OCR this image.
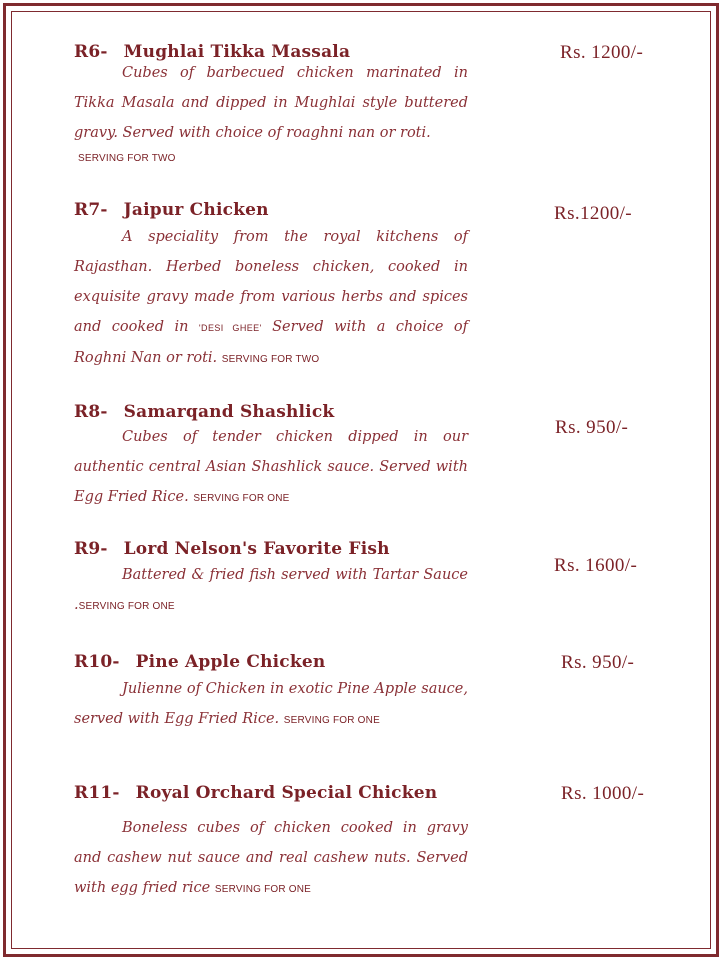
R6- Mughlai Tikka Massala	Rs. 1200/-
Cubes of barbecued chicken marinated in Tikka Masala and dipped in Mughlai style buttered gravy. Served with choice of roaghni nan or roti.
SERVING FOR TWO
R7- Jaipur Chicken	Rs.1200/-
A speciality from the royal kitchens of Rajasthan. Herbed boneless chicken, cooked in exquisite gravy made from various herbs and spices and cooked in 'DESI GHEE' Served with a choice of Roghni Nan or roti. SERVING FOR TWO
R8- Samarqand Shashlick
Rs. 950/-
Cubes of tender chicken dipped in our authentic central Asian Shashlick sauce. Served with Egg Fried Rice. SERVING FOR ONE
R9- Lord Nelson's Favorite Fish
Rs. 1600/-
Battered & fried fish served with Tartar Sauce .SERVING FOR ONE
R10- Pine Apple Chicken	Rs. 950/-
Julienne of Chicken in exotic Pine Apple sauce, served with Egg Fried Rice. SERVING FOR ONE
R11- Royal Orchard Special Chicken	Rs. 1000/-
Boneless cubes of chicken cooked in gravy and cashew nut sauce and real cashew nuts. Served with egg fried rice SERVING FOR ONE
